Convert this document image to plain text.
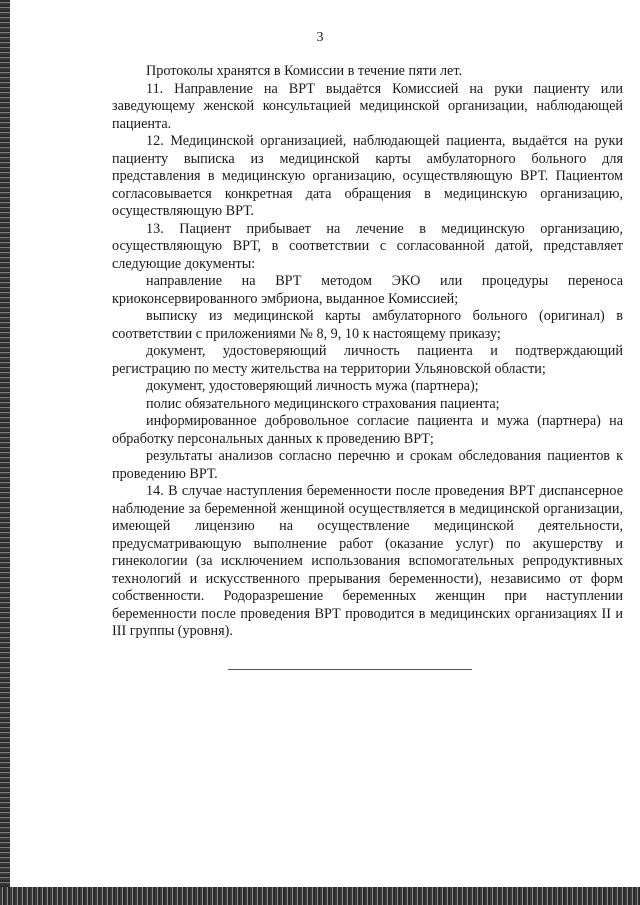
3

Протоколы хранятся в Комиссии в течение пяти лет.

11. Направление на ВРТ выдаётся Комиссией на руки пациенту или заведующему женской консультацией медицинской организации, наблюдающей пациента.

12. Медицинской организацией, наблюдающей пациента, выдаётся на руки пациенту выписка из медицинской карты амбулаторного больного для представления в медицинскую организацию, осуществляющую ВРТ. Пациентом согласовывается конкретная дата обращения в медицинскую организацию, осуществляющую ВРТ.

13. Пациент прибывает на лечение в медицинскую организацию, осуществляющую ВРТ, в соответствии с согласованной датой, представляет следующие документы:

направление на ВРТ методом ЭКО или процедуры переноса криоконсервированного эмбриона, выданное Комиссией;

выписку из медицинской карты амбулаторного больного (оригинал) в соответствии с приложениями № 8, 9, 10 к настоящему приказу;

документ, удостоверяющий личность пациента и подтверждающий регистрацию по месту жительства на территории Ульяновской области;

документ, удостоверяющий личность мужа (партнера);

полис обязательного медицинского страхования пациента;

информированное добровольное согласие пациента и мужа (партнера) на обработку персональных данных к проведению ВРТ;

результаты анализов согласно перечню и срокам обследования пациентов к проведению ВРТ.

14. В случае наступления беременности после проведения ВРТ диспансерное наблюдение за беременной женщиной осуществляется в медицинской организации, имеющей лицензию на осуществление медицинской деятельности, предусматривающую выполнение работ (оказание услуг) по акушерству и гинекологии (за исключением использования вспомогательных репродуктивных технологий и искусственного прерывания беременности), независимо от форм собственности. Родоразрешение беременных женщин при наступлении беременности после проведения ВРТ проводится в медицинских организациях II и III группы (уровня).
